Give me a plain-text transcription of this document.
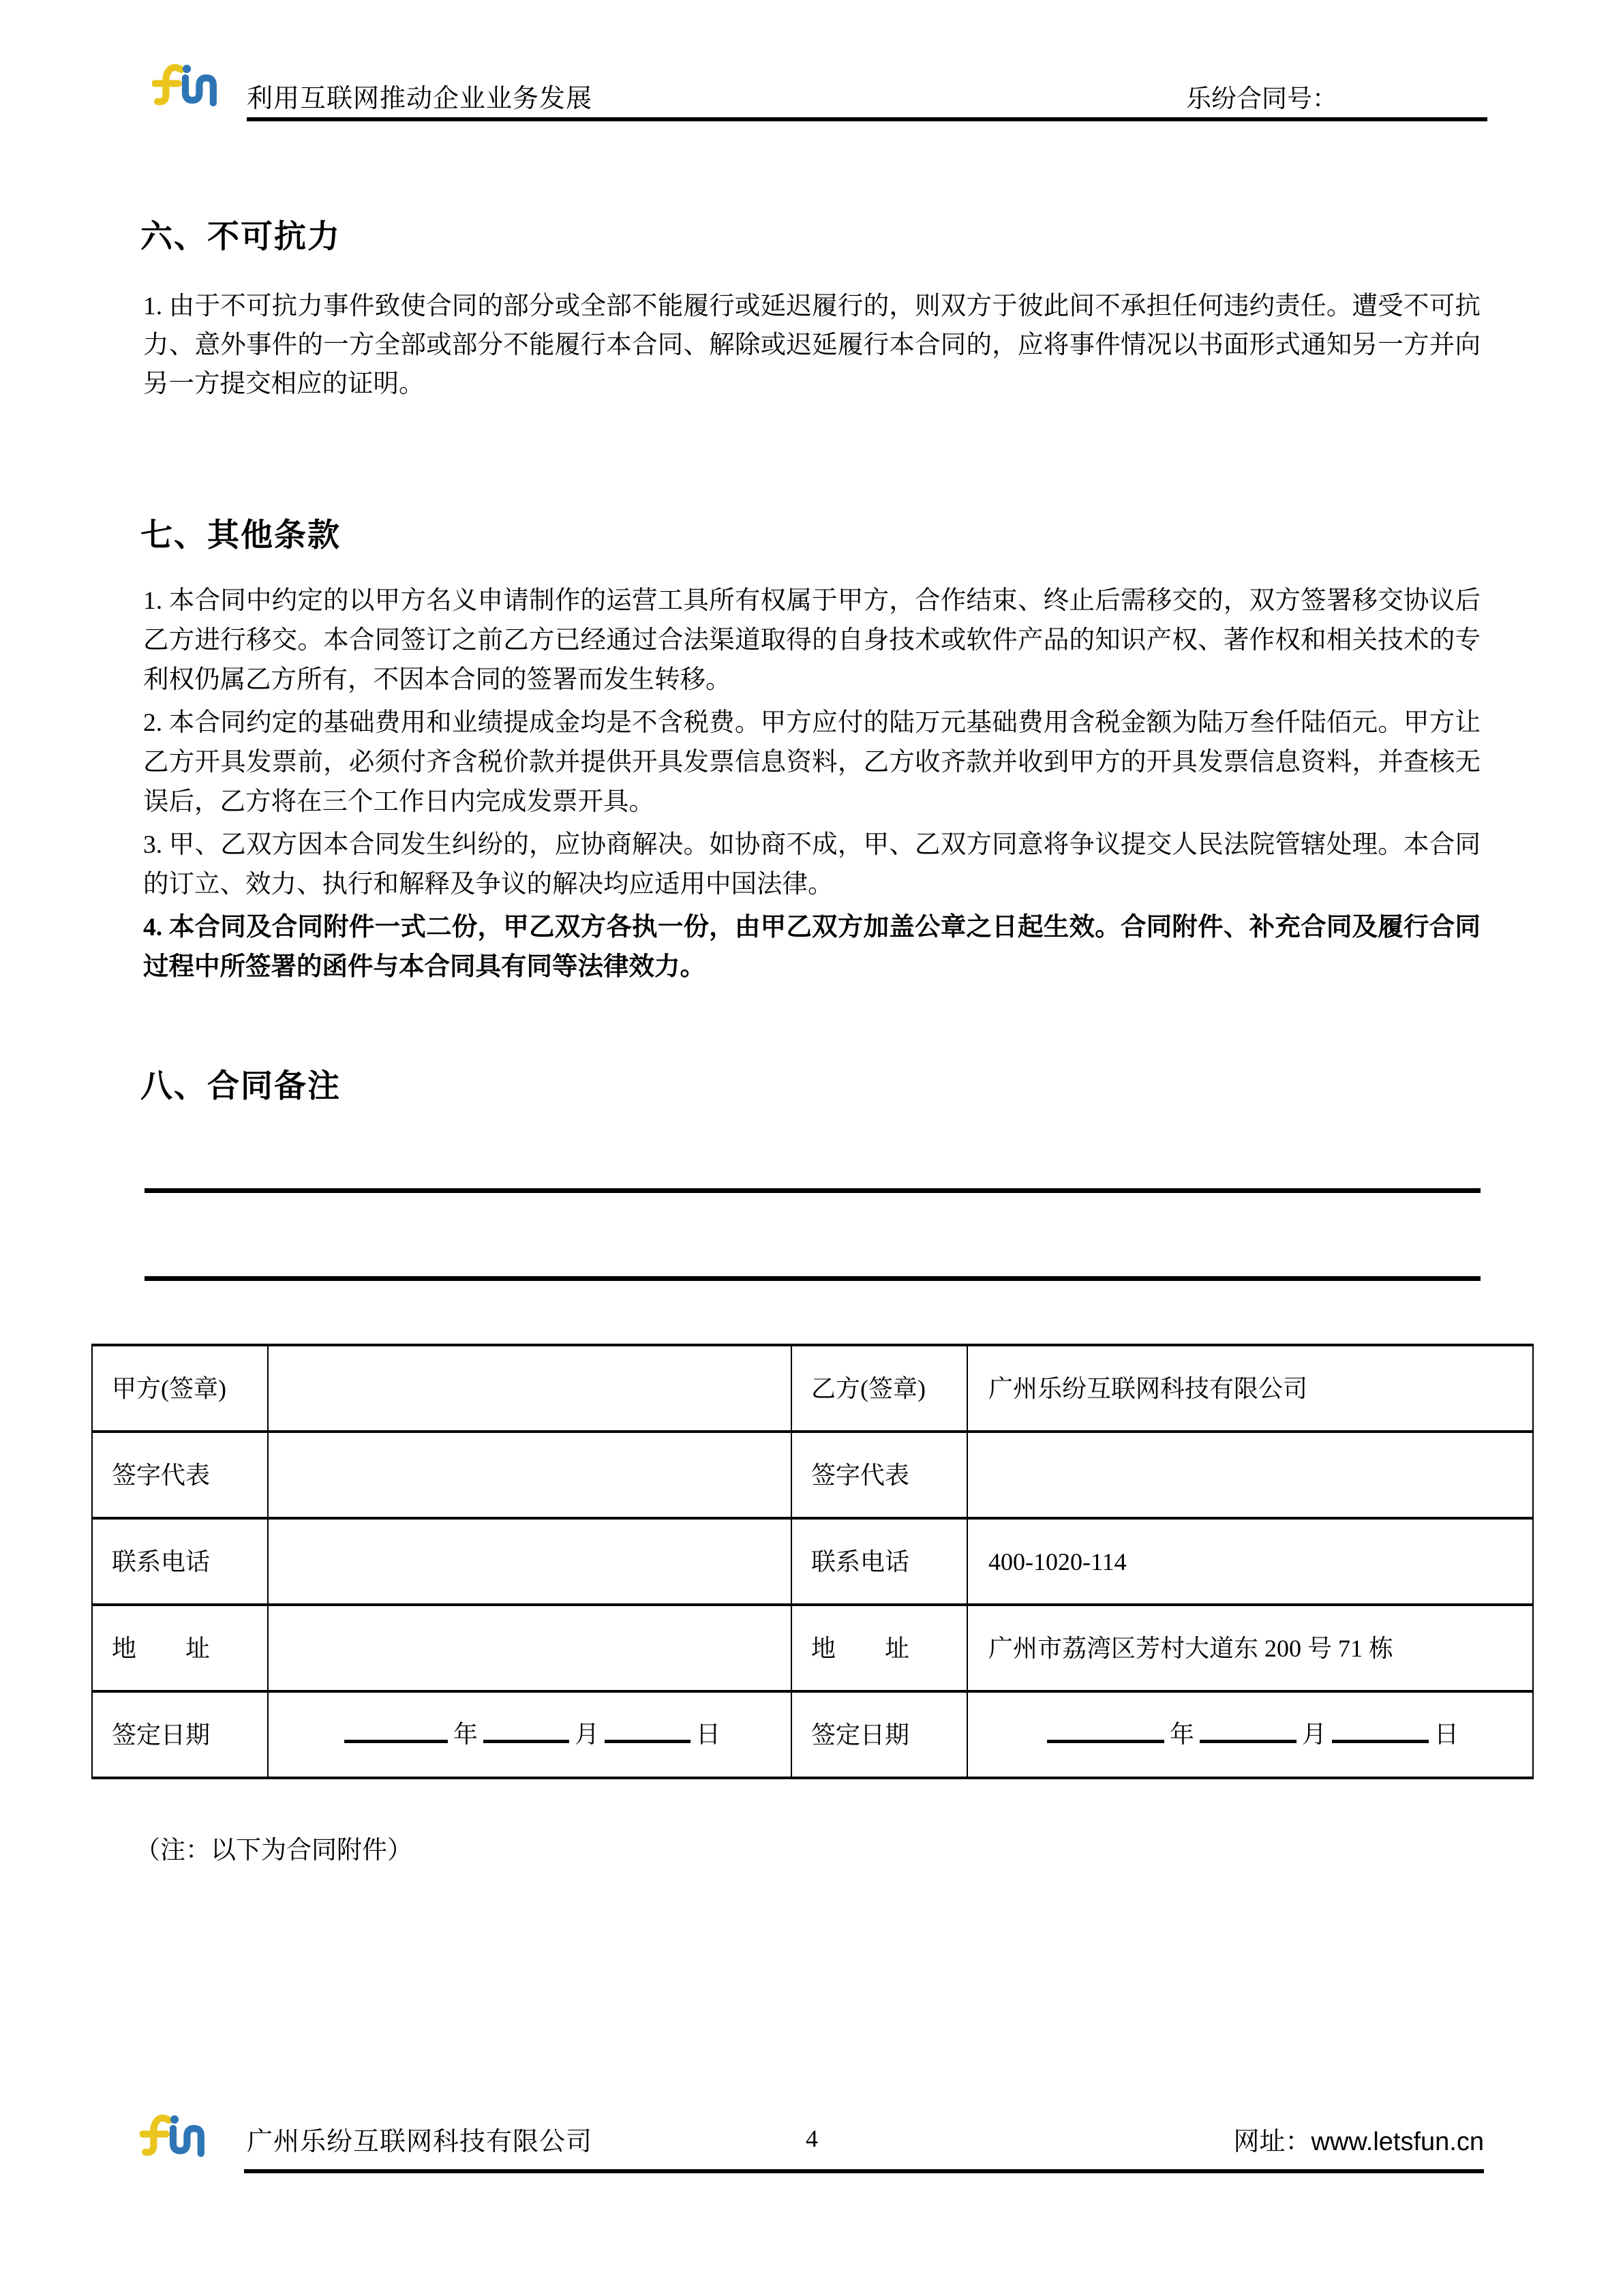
利用互联网推动企业业务发展	乐纷合同号：
六、不可抗力

1. 由于不可抗力事件致使合同的部分或全部不能履行或延迟履行的，则双方于彼此间不承担任何违约责任。遭受不可抗力、意外事件的一方全部或部分不能履行本合同、解除或迟延履行本合同的，应将事件情况以书面形式通知另一方并向另一方提交相应的证明。

七、其他条款

1. 本合同中约定的以甲方名义申请制作的运营工具所有权属于甲方，合作结束、终止后需移交的，双方签署移交协议后乙方进行移交。本合同签订之前乙方已经通过合法渠道取得的自身技术或软件产品的知识产权、著作权和相关技术的专利权仍属乙方所有，不因本合同的签署而发生转移。

2. 本合同约定的基础费用和业绩提成金均是不含税费。甲方应付的陆万元基础费用含税金额为陆万叁仟陆佰元。甲方让乙方开具发票前，必须付齐含税价款并提供开具发票信息资料，乙方收齐款并收到甲方的开具发票信息资料，并查核无误后，乙方将在三个工作日内完成发票开具。

3. 甲、乙双方因本合同发生纠纷的，应协商解决。如协商不成，甲、乙双方同意将争议提交人民法院管辖处理。本合同的订立、效力、执行和解释及争议的解决均应适用中国法律。

4. 本合同及合同附件一式二份，甲乙双方各执一份，由甲乙双方加盖公章之日起生效。合同附件、补充合同及履行合同过程中所签署的函件与本合同具有同等法律效力。

八、合同备注
甲方(签章)		乙方(签章)	广州乐纷互联网科技有限公司
签字代表		签字代表	
联系电话		联系电话	400-1020-114
地　　址		地　　址	广州市荔湾区芳村大道东 200 号 71 栋
签定日期	年 月 日	签定日期	年 月 日
（注：以下为合同附件）
广州乐纷互联网科技有限公司	4	网址：www.letsfun.cn
